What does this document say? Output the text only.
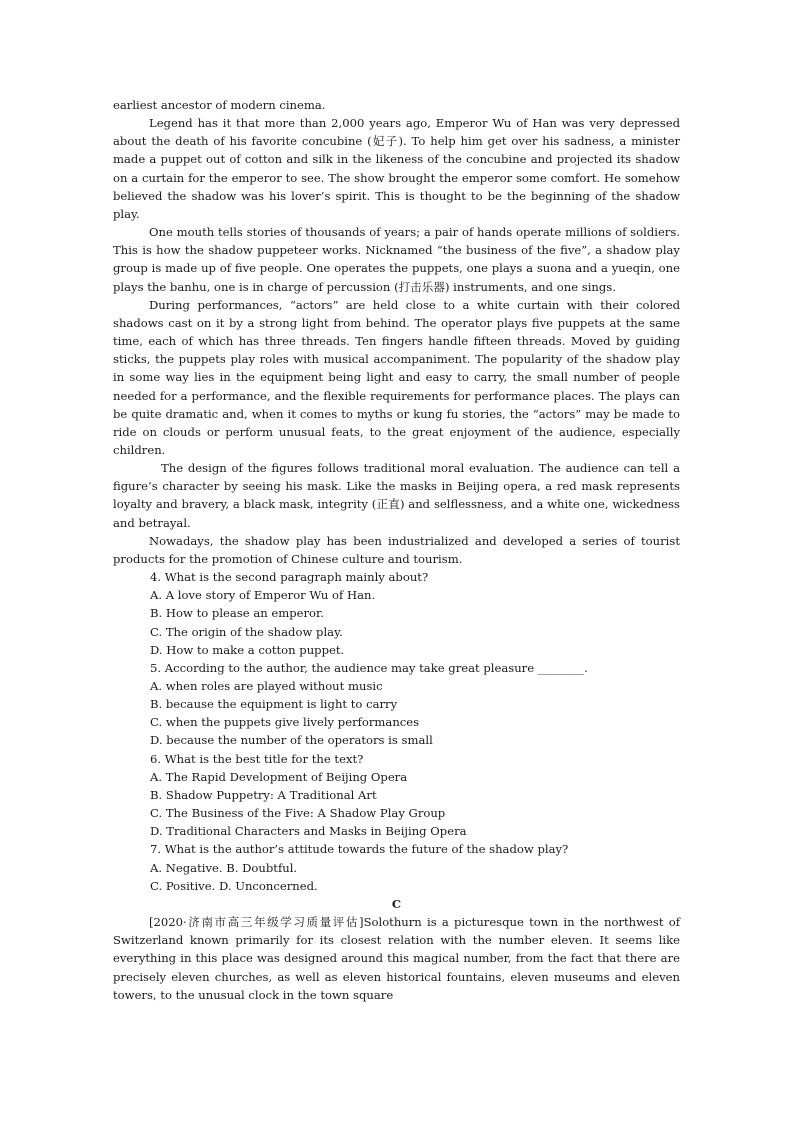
earliest ancestor of modern cinema.

Legend has it that more than 2,000 years ago, Emperor Wu of Han was very depressed about the death of his favorite concubine (妃子). To help him get over his sadness, a minister made a puppet out of cotton and silk in the likeness of the concubine and projected its shadow on a curtain for the emperor to see. The show brought the emperor some comfort. He somehow believed the shadow was his lover’s spirit. This is thought to be the beginning of the shadow play.

One mouth tells stories of thousands of years; a pair of hands operate millions of soldiers. This is how the shadow puppeteer works. Nicknamed “the business of the five”, a shadow play group is made up of five people. One operates the puppets, one plays a suona and a yueqin, one plays the banhu, one is in charge of percussion (打击乐器) instruments, and one sings.

During performances, “actors” are held close to a white curtain with their colored shadows cast on it by a strong light from behind. The operator plays five puppets at the same time, each of which has three threads. Ten fingers handle fifteen threads. Moved by guiding sticks, the puppets play roles with musical accompaniment. The popularity of the shadow play in some way lies in the equipment being light and easy to carry, the small number of people needed for a performance, and the flexible requirements for performance places. The plays can be quite dramatic and, when it comes to myths or kung fu stories, the “actors” may be made to ride on clouds or perform unusual feats, to the great enjoyment of the audience, especially children.

The design of the figures follows traditional moral evaluation. The audience can tell a figure’s character by seeing his mask. Like the masks in Beijing opera, a red mask represents loyalty and bravery, a black mask, integrity (正直) and selflessness, and a white one, wickedness and betrayal.

Nowadays, the shadow play has been industrialized and developed a series of tourist products for the promotion of Chinese culture and tourism.

4. What is the second paragraph mainly about?

A. A love story of Emperor Wu of Han.

B. How to please an emperor.

C. The origin of the shadow play.

D. How to make a cotton puppet.

5. According to the author, the audience may take great pleasure ________.

A. when roles are played without music

B. because the equipment is light to carry

C. when the puppets give lively performances

D. because the number of the operators is small

6. What is the best title for the text?

A. The Rapid Development of Beijing Opera

B. Shadow Puppetry: A Traditional Art

C. The Business of the Five: A Shadow Play Group

D. Traditional Characters and Masks in Beijing Opera

7. What is the author’s attitude towards the future of the shadow play?

A. Negative. B. Doubtful.

C. Positive. D. Unconcerned.

C

[2020·济南市高三年级学习质量评估]Solothurn is a picturesque town in the northwest of Switzerland known primarily for its closest relation with the number eleven. It seems like everything in this place was designed around this magical number, from the fact that there are precisely eleven churches, as well as eleven historical fountains, eleven museums and eleven towers, to the unusual clock in the town square
